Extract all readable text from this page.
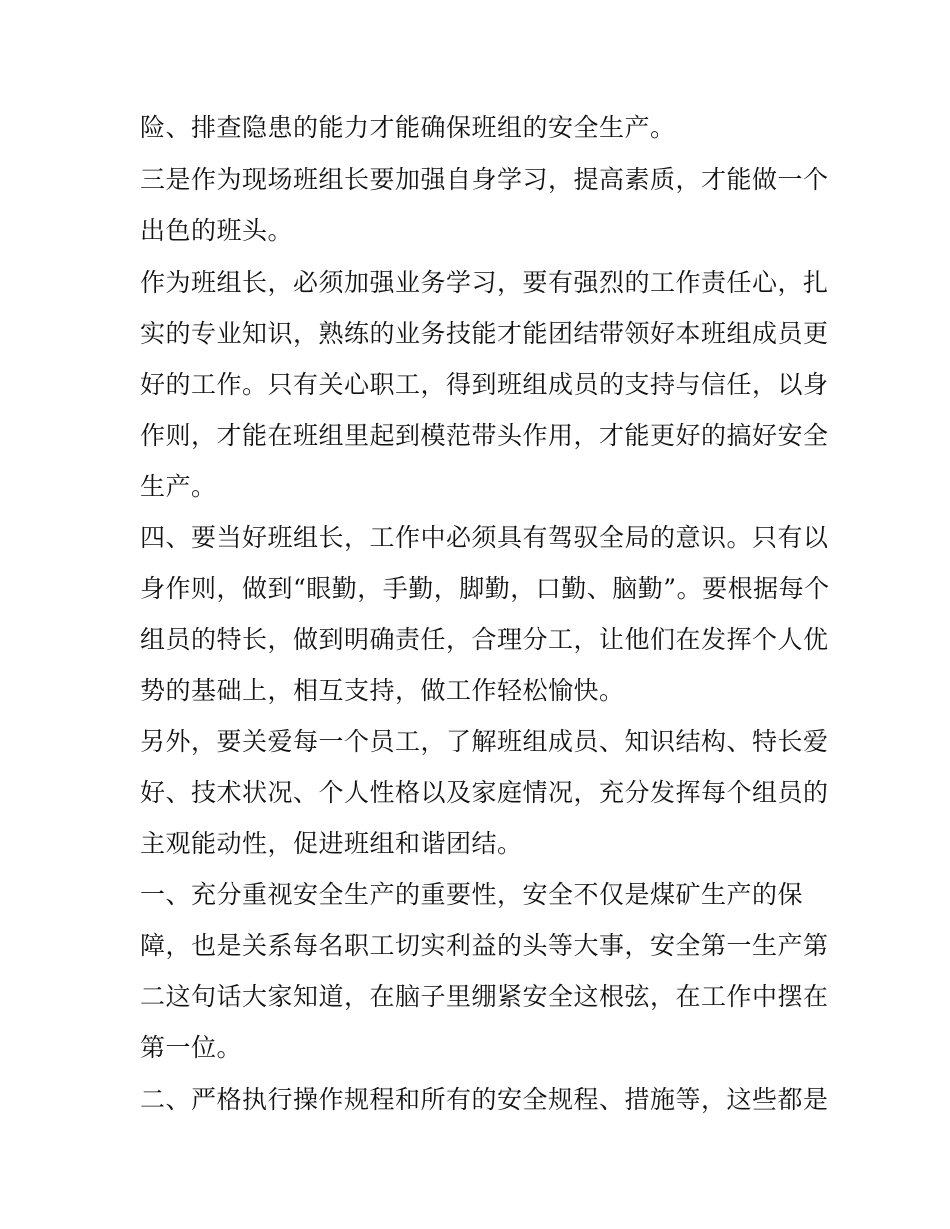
险、排查隐患的能力才能确保班组的安全生产。
三是作为现场班组长要加强自身学习，提高素质，才能做一个
出色的班头。
作为班组长，必须加强业务学习，要有强烈的工作责任心，扎
实的专业知识，熟练的业务技能才能团结带领好本班组成员更
好的工作。只有关心职工，得到班组成员的支持与信任，以身
作则，才能在班组里起到模范带头作用，才能更好的搞好安全
生产。
四、要当好班组长，工作中必须具有驾驭全局的意识。只有以
身作则，做到“眼勤，手勤，脚勤，口勤、脑勤”。要根据每个
组员的特长，做到明确责任，合理分工，让他们在发挥个人优
势的基础上，相互支持，做工作轻松愉快。
另外，要关爱每一个员工，了解班组成员、知识结构、特长爱
好、技术状况、个人性格以及家庭情况，充分发挥每个组员的
主观能动性，促进班组和谐团结。
一、充分重视安全生产的重要性，安全不仅是煤矿生产的保
障，也是关系每名职工切实利益的头等大事，安全第一生产第
二这句话大家知道，在脑子里绷紧安全这根弦，在工作中摆在
第一位。
二、严格执行操作规程和所有的安全规程、措施等，这些都是
